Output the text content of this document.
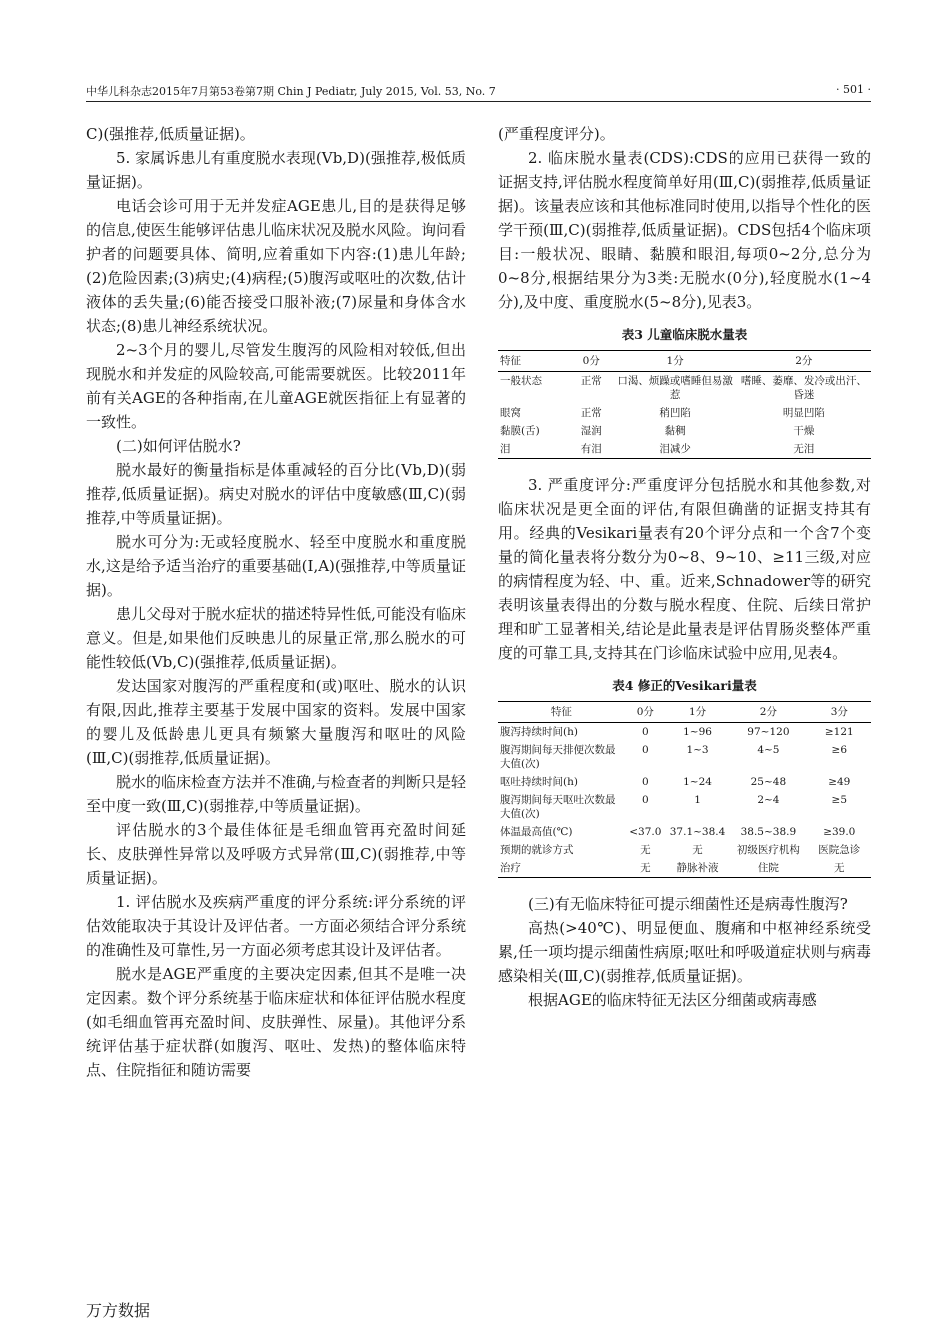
中华儿科杂志2015年7月第53卷第7期 Chin J Pediatr, July 2015, Vol. 53, No. 7	· 501 ·

C)(强推荐,低质量证据)。

5. 家属诉患儿有重度脱水表现(Ⅴb,D)(强推荐,极低质量证据)。

电话会诊可用于无并发症AGE患儿,目的是获得足够的信息,使医生能够评估患儿临床状况及脱水风险。询问看护者的问题要具体、简明,应着重如下内容:(1)患儿年龄;(2)危险因素;(3)病史;(4)病程;(5)腹泻或呕吐的次数,估计液体的丢失量;(6)能否接受口服补液;(7)尿量和身体含水状态;(8)患儿神经系统状况。

2~3个月的婴儿,尽管发生腹泻的风险相对较低,但出现脱水和并发症的风险较高,可能需要就医。比较2011年前有关AGE的各种指南,在儿童AGE就医指征上有显著的一致性。

(二)如何评估脱水?

脱水最好的衡量指标是体重减轻的百分比(Ⅴb,D)(弱推荐,低质量证据)。病史对脱水的评估中度敏感(Ⅲ,C)(弱推荐,中等质量证据)。

脱水可分为:无或轻度脱水、轻至中度脱水和重度脱水,这是给予适当治疗的重要基础(Ⅰ,A)(强推荐,中等质量证据)。

患儿父母对于脱水症状的描述特异性低,可能没有临床意义。但是,如果他们反映患儿的尿量正常,那么脱水的可能性较低(Ⅴb,C)(强推荐,低质量证据)。

发达国家对腹泻的严重程度和(或)呕吐、脱水的认识有限,因此,推荐主要基于发展中国家的资料。发展中国家的婴儿及低龄患儿更具有频繁大量腹泻和呕吐的风险(Ⅲ,C)(弱推荐,低质量证据)。

脱水的临床检查方法并不准确,与检查者的判断只是轻至中度一致(Ⅲ,C)(弱推荐,中等质量证据)。

评估脱水的3个最佳体征是毛细血管再充盈时间延长、皮肤弹性异常以及呼吸方式异常(Ⅲ,C)(弱推荐,中等质量证据)。

1. 评估脱水及疾病严重度的评分系统:评分系统的评估效能取决于其设计及评估者。一方面必须结合评分系统的准确性及可靠性,另一方面必须考虑其设计及评估者。

脱水是AGE严重度的主要决定因素,但其不是唯一决定因素。数个评分系统基于临床症状和体征评估脱水程度(如毛细血管再充盈时间、皮肤弹性、尿量)。其他评分系统评估基于症状群(如腹泻、呕吐、发热)的整体临床特点、住院指征和随访需要

(严重程度评分)。

2. 临床脱水量表(CDS):CDS的应用已获得一致的证据支持,评估脱水程度简单好用(Ⅲ,C)(弱推荐,低质量证据)。该量表应该和其他标准同时使用,以指导个性化的医学干预(Ⅲ,C)(弱推荐,低质量证据)。CDS包括4个临床项目:一般状况、眼睛、黏膜和眼泪,每项0~2分,总分为0~8分,根据结果分为3类:无脱水(0分),轻度脱水(1~4分),及中度、重度脱水(5~8分),见表3。

表3 儿童临床脱水量表
特征	0分	1分	2分
一般状态	正常	口渴、烦躁或嗜睡但易激惹	嗜睡、萎靡、发冷或出汗、昏迷
眼窝	正常	稍凹陷	明显凹陷
黏膜(舌)	湿润	黏稠	干燥
泪	有泪	泪减少	无泪

3. 严重度评分:严重度评分包括脱水和其他参数,对临床状况是更全面的评估,有限但确凿的证据支持其有用。经典的Vesikari量表有20个评分点和一个含7个变量的简化量表将分数分为0~8、9~10、≥11三级,对应的病情程度为轻、中、重。近来,Schnadower等的研究表明该量表得出的分数与脱水程度、住院、后续日常护理和旷工显著相关,结论是此量表是评估胃肠炎整体严重度的可靠工具,支持其在门诊临床试验中应用,见表4。

表4 修正的Vesikari量表
特征	0分	1分	2分	3分
腹泻持续时间(h)	0	1~96	97~120	≥121
腹泻期间每天排便次数最大值(次)	0	1~3	4~5	≥6
呕吐持续时间(h)	0	1~24	25~48	≥49
腹泻期间每天呕吐次数最大值(次)	0	1	2~4	≥5
体温最高值(℃)	<37.0	37.1~38.4	38.5~38.9	≥39.0
预期的就诊方式	无	无	初级医疗机构	医院急诊
治疗	无	静脉补液	住院	无

(三)有无临床特征可提示细菌性还是病毒性腹泻?

高热(>40℃)、明显便血、腹痛和中枢神经系统受累,任一项均提示细菌性病原;呕吐和呼吸道症状则与病毒感染相关(Ⅲ,C)(弱推荐,低质量证据)。

根据AGE的临床特征无法区分细菌或病毒感

万方数据
